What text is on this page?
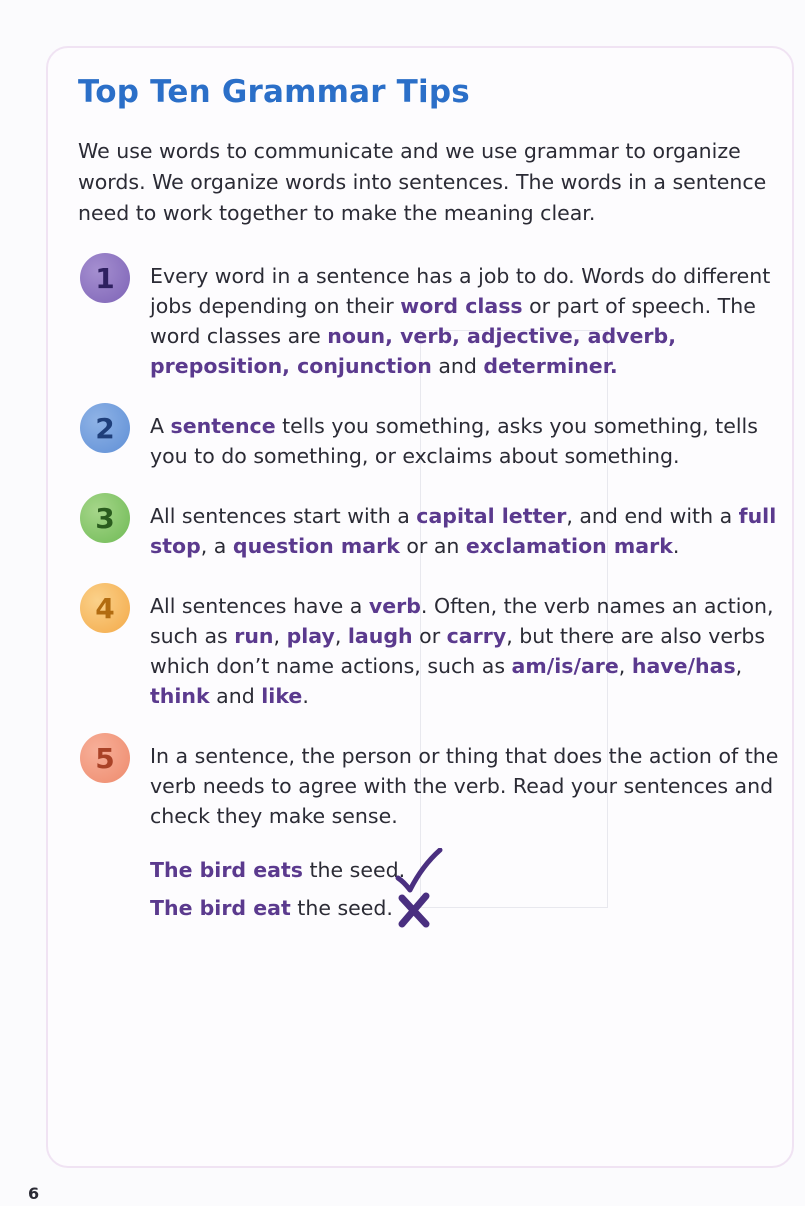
Top Ten Grammar Tips

We use words to communicate and we use grammar to organize words. We organize words into sentences. The words in a sentence need to work together to make the meaning clear.

1 Every word in a sentence has a job to do. Words do different jobs depending on their word class or part of speech. The word classes are noun, verb, adjective, adverb, preposition, conjunction and determiner.

2 A sentence tells you something, asks you something, tells you to do something, or exclaims about something.

3 All sentences start with a capital letter, and end with a full stop, a question mark or an exclamation mark.

4 All sentences have a verb. Often, the verb names an action, such as run, play, laugh or carry, but there are also verbs which don’t name actions, such as am/is/are, have/has, think and like.

5 In a sentence, the person or thing that does the action of the verb needs to agree with the verb. Read your sentences and check they make sense.

The bird eats the seed.

The bird eat the seed.

6
